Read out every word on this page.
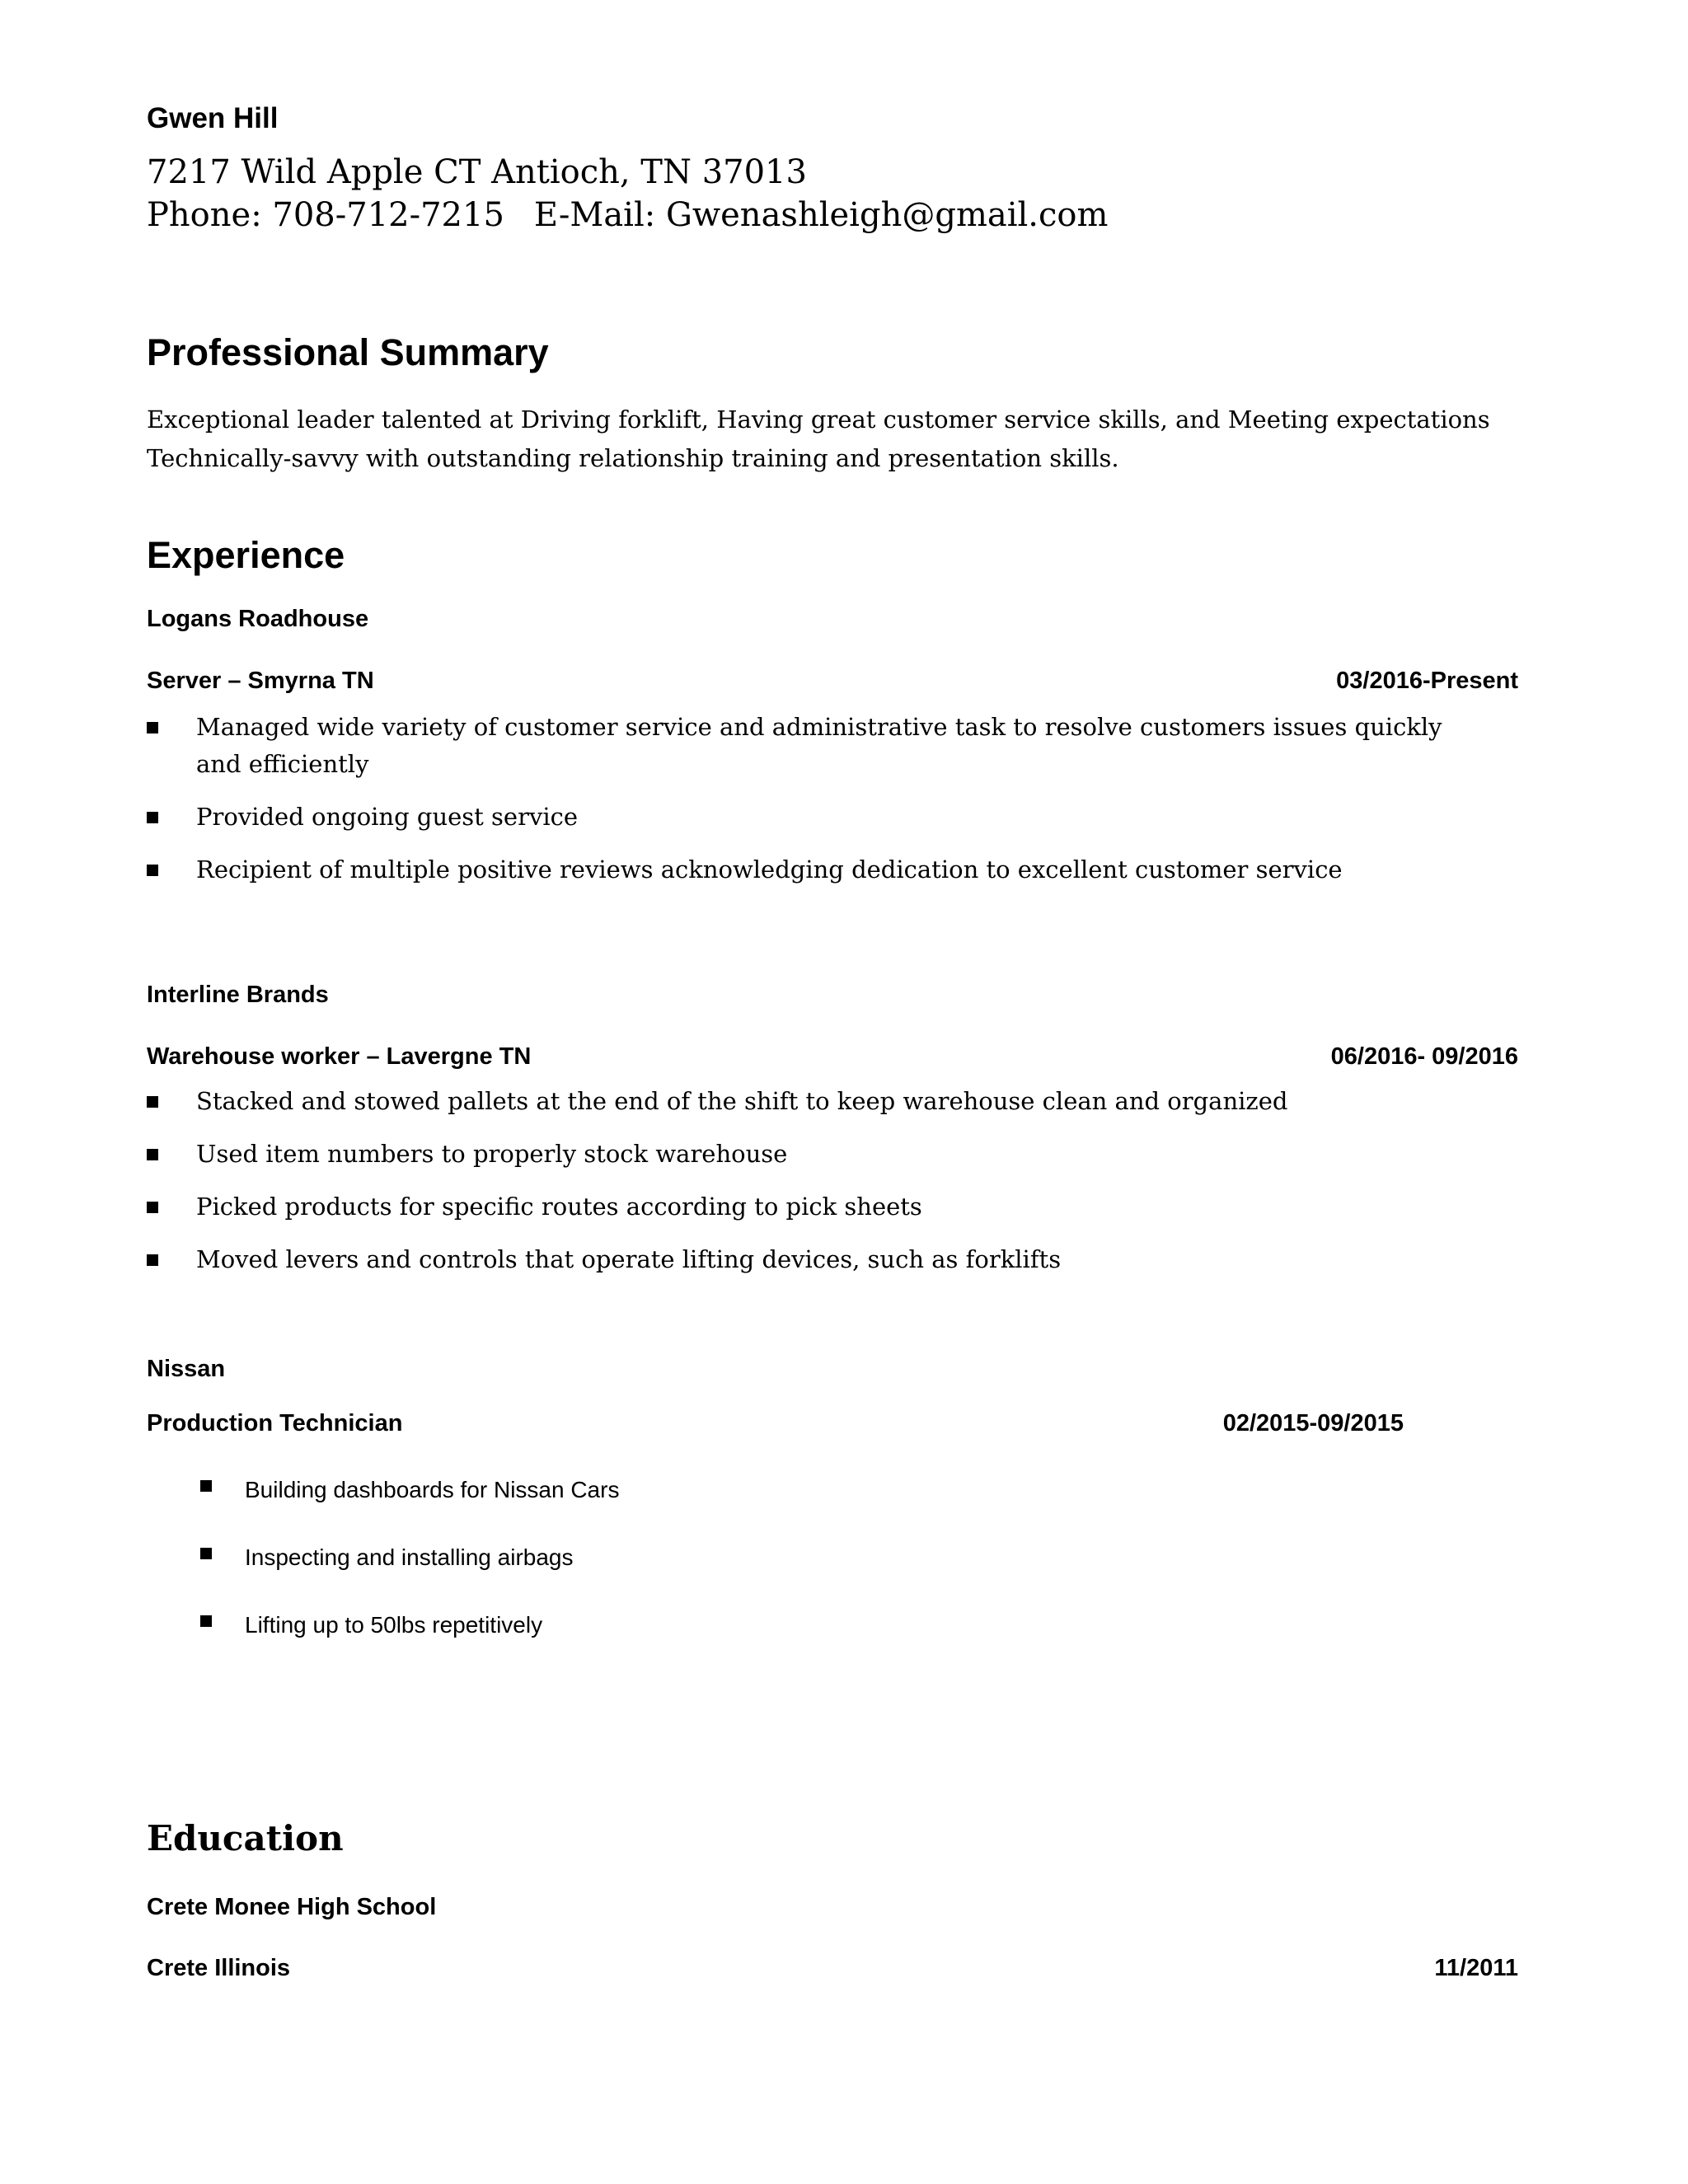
Gwen Hill
7217 Wild Apple CT Antioch, TN 37013
Phone: 708-712-7215 E-Mail: Gwenashleigh@gmail.com
Professional Summary
Exceptional leader talented at Driving forklift, Having great customer service skills, and Meeting expectations Technically-savvy with outstanding relationship training and presentation skills.
Experience
Logans Roadhouse
Server – Smyrna TN	03/2016-Present
Managed wide variety of customer service and administrative task to resolve customers issues quickly and efficiently
Provided ongoing guest service
Recipient of multiple positive reviews acknowledging dedication to excellent customer service
Interline Brands
Warehouse worker – Lavergne TN	06/2016- 09/2016
Stacked and stowed pallets at the end of the shift to keep warehouse clean and organized
Used item numbers to properly stock warehouse
Picked products for specific routes according to pick sheets
Moved levers and controls that operate lifting devices, such as forklifts
Nissan
Production Technician	02/2015-09/2015
Building dashboards for Nissan Cars
Inspecting and installing airbags
Lifting up to 50lbs repetitively
Education
Crete Monee High School
Crete Illinois	11/2011
